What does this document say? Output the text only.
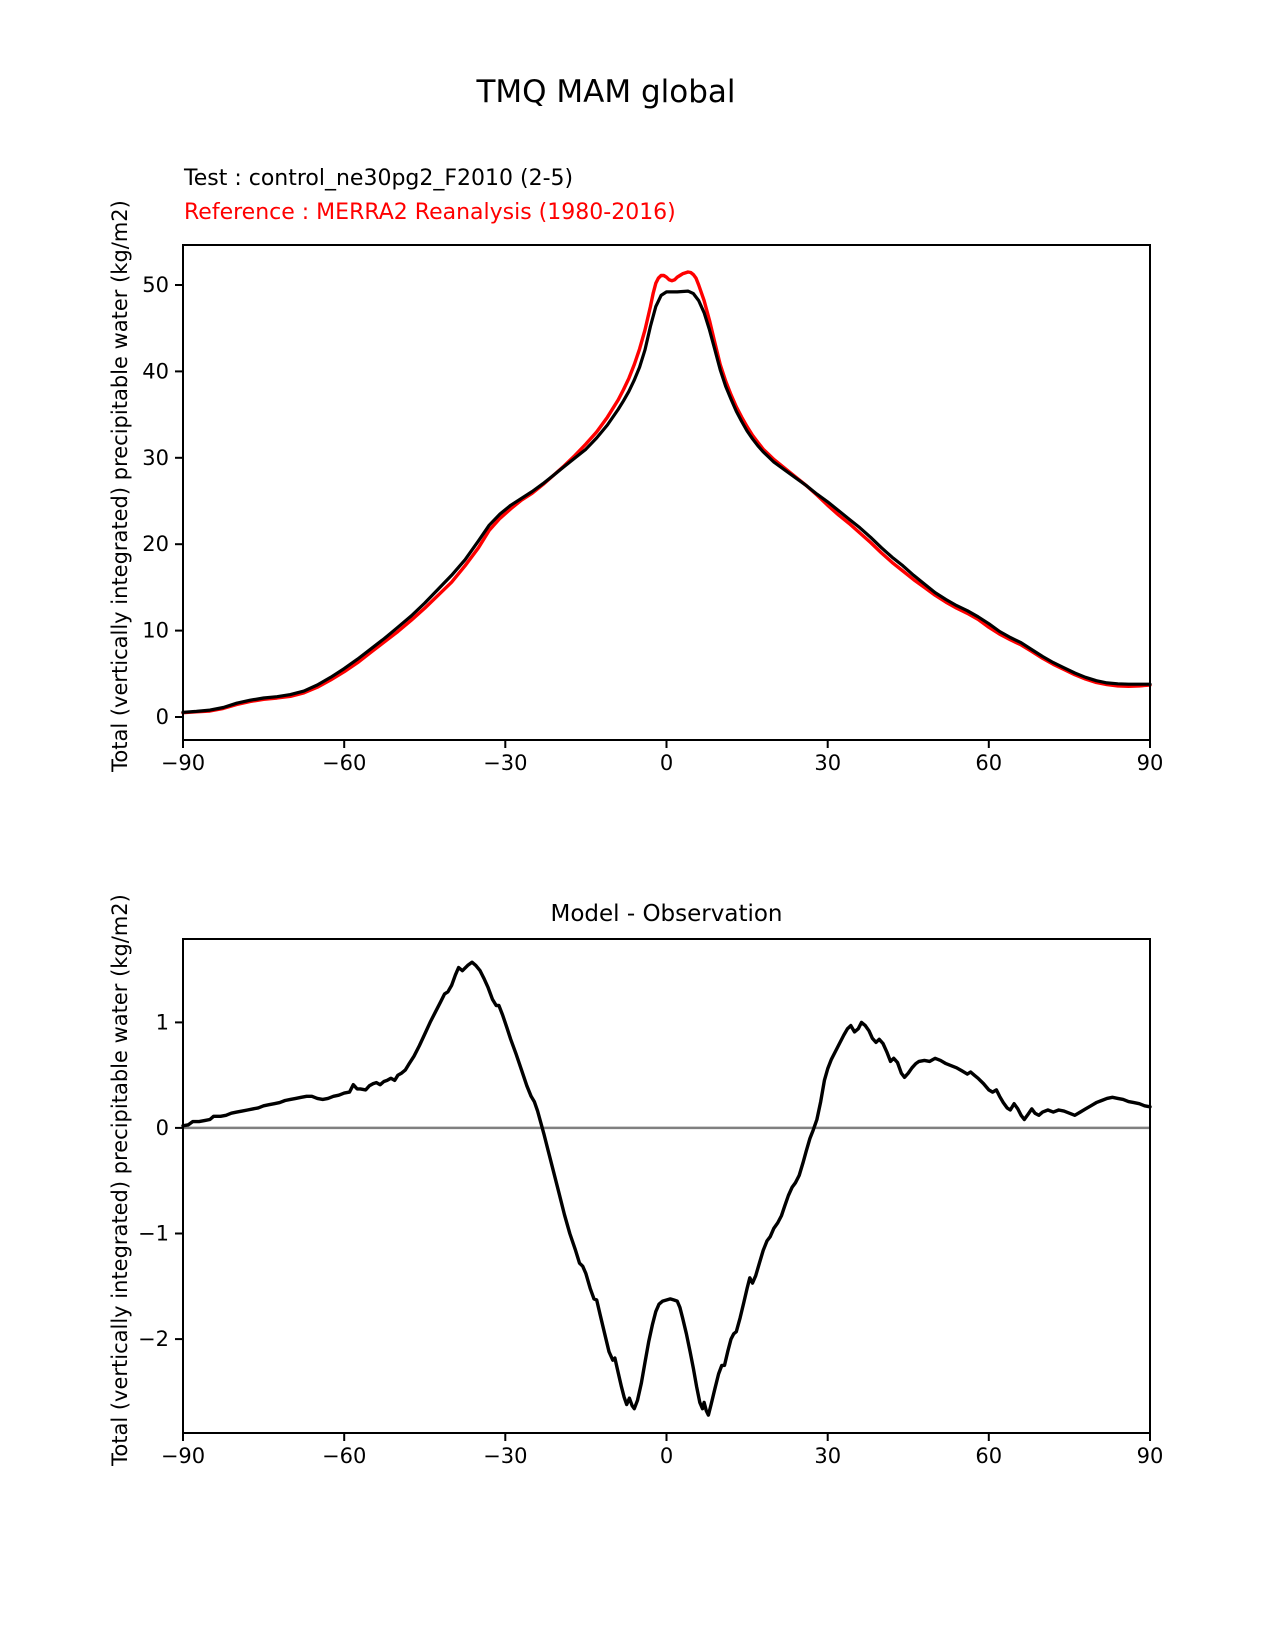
−90	−60	−30	0	30	60	90
0
10
20
30
40
50
−90	−60	−30	0	30	60	90
1
0
−1
−2
TMQ MAM global
Test : control_ne30pg2_F2010 (2-5)
Reference : MERRA2 Reanalysis (1980-2016)
Total (vertically integrated) precipitable water (kg/m2)
Model - Observation
Total (vertically integrated) precipitable water (kg/m2)
